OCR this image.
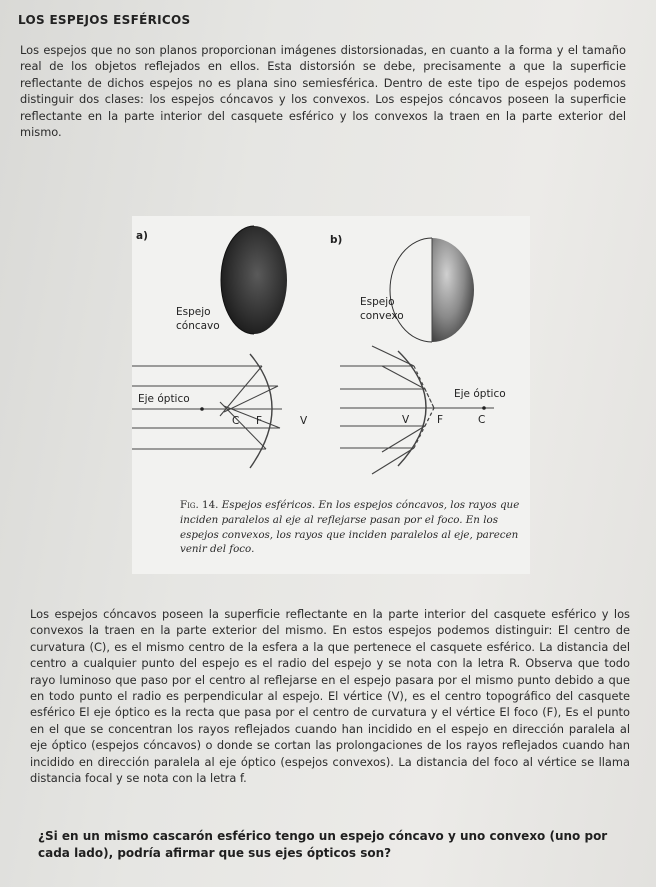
LOS ESPEJOS ESFÉRICOS
Los espejos que no son planos proporcionan imágenes distorsionadas, en cuanto a la forma y el tamaño real de los objetos reflejados en ellos. Esta distorsión se debe, precisamente a que la superficie reflectante de dichos espejos no es plana sino semiesférica. Dentro de este tipo de espejos podemos distinguir dos clases: los espejos cóncavos y los convexos. Los espejos cóncavos poseen la superficie reflectante en la parte interior del casquete esférico y los convexos la traen en la parte exterior del mismo.
a)
Espejo
cóncavo
Eje óptico
C F	V
b)
Espejo
convexo
Eje óptico
V	F	C
Fig. 14. Espejos esféricos. En los espejos cóncavos, los rayos que inciden paralelos al eje al reflejarse pasan por el foco. En los espejos convexos, los rayos que inciden paralelos al eje, parecen venir del foco.
Los espejos cóncavos poseen la superficie reflectante en la parte interior del casquete esférico y los convexos la traen en la parte exterior del mismo. En estos espejos podemos distinguir: El centro de curvatura (C), es el mismo centro de la esfera a la que pertenece el casquete esférico. La distancia del centro a cualquier punto del espejo es el radio del espejo y se nota con la letra R. Observa que todo rayo luminoso que paso por el centro al reflejarse en el espejo pasara por el mismo punto debido a que en todo punto el radio es perpendicular al espejo. El vértice (V), es el centro topográfico del casquete esférico El eje óptico es la recta que pasa por el centro de curvatura y el vértice El foco (F), Es el punto en el que se concentran los rayos reflejados cuando han incidido en el espejo en dirección paralela al eje óptico (espejos cóncavos) o donde se cortan las prolongaciones de los rayos reflejados cuando han incidido en dirección paralela al eje óptico (espejos convexos). La distancia del foco al vértice se llama distancia focal y se nota con la letra f.
¿Si en un mismo cascarón esférico tengo un espejo cóncavo y uno convexo (uno por cada lado), podría afirmar que sus ejes ópticos son?
